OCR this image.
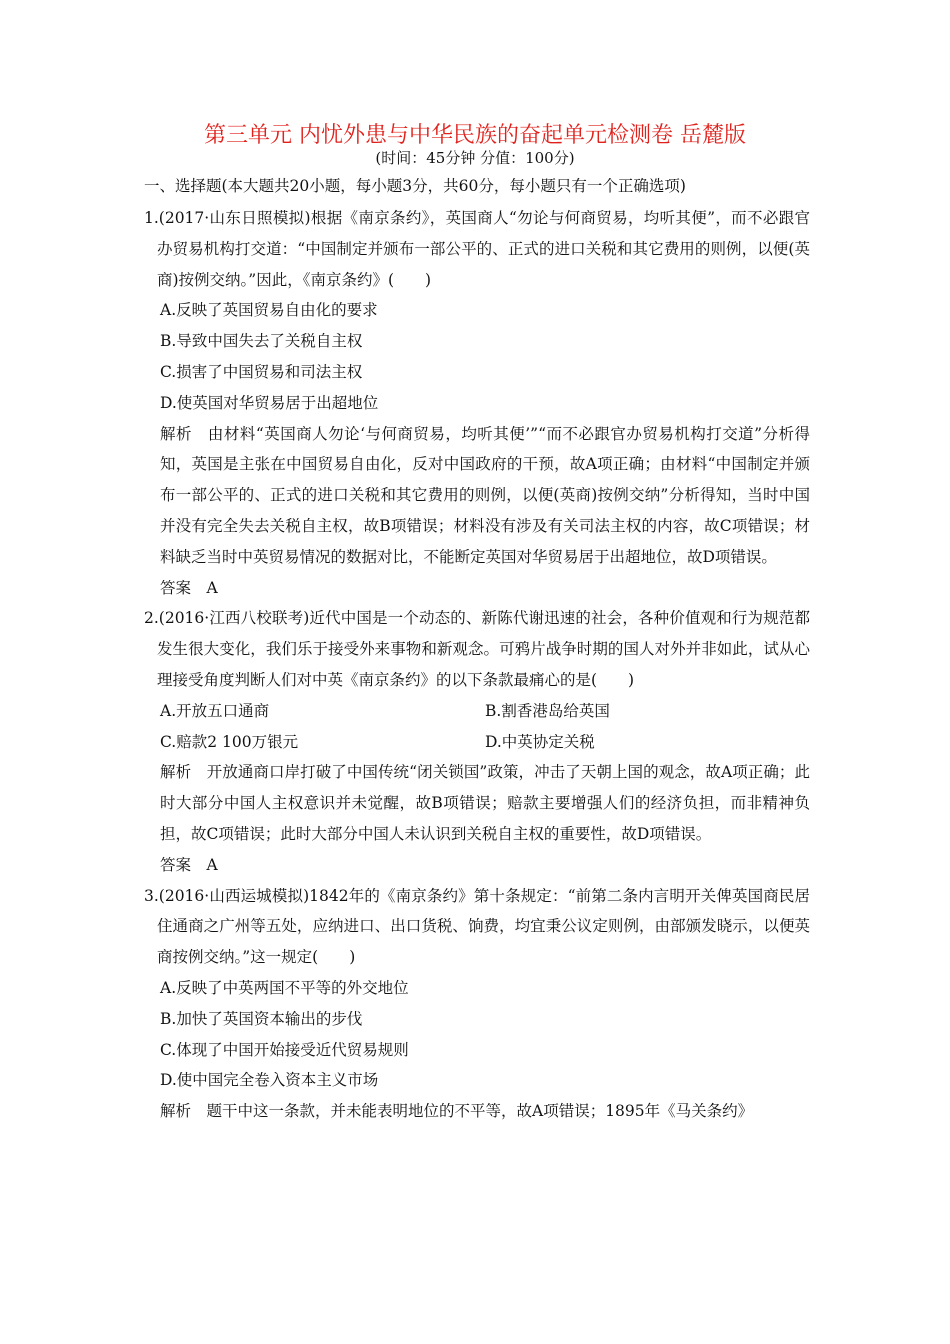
第三单元 内忧外患与中华民族的奋起单元检测卷 岳麓版
(时间：45分钟 分值：100分)
一、选择题(本大题共20小题，每小题3分，共60分，每小题只有一个正确选项)

1.(2017·山东日照模拟)根据《南京条约》，英国商人“勿论与何商贸易，均听其便”，而不必跟官办贸易机构打交道：“中国制定并颁布一部公平的、正式的进口关税和其它费用的则例，以便(英商)按例交纳。”因此，《南京条约》(　　)

A.反映了英国贸易自由化的要求

B.导致中国失去了关税自主权

C.损害了中国贸易和司法主权

D.使英国对华贸易居于出超地位

解析　由材料“英国商人勿论‘与何商贸易，均听其便’”“而不必跟官办贸易机构打交道”分析得知，英国是主张在中国贸易自由化，反对中国政府的干预，故A项正确；由材料“中国制定并颁布一部公平的、正式的进口关税和其它费用的则例，以便(英商)按例交纳”分析得知，当时中国并没有完全失去关税自主权，故B项错误；材料没有涉及有关司法主权的内容，故C项错误；材料缺乏当时中英贸易情况的数据对比，不能断定英国对华贸易居于出超地位，故D项错误。

答案　A

2.(2016·江西八校联考)近代中国是一个动态的、新陈代谢迅速的社会，各种价值观和行为规范都发生很大变化，我们乐于接受外来事物和新观念。可鸦片战争时期的国人对外并非如此，试从心理接受角度判断人们对中英《南京条约》的以下条款最痛心的是(　　)

A.开放五口通商	B.割香港岛给英国
C.赔款2 100万银元	D.中英协定关税

解析　开放通商口岸打破了中国传统“闭关锁国”政策，冲击了天朝上国的观念，故A项正确；此时大部分中国人主权意识并未觉醒，故B项错误；赔款主要增强人们的经济负担，而非精神负担，故C项错误；此时大部分中国人未认识到关税自主权的重要性，故D项错误。

答案　A

3.(2016·山西运城模拟)1842年的《南京条约》第十条规定：“前第二条内言明开关俾英国商民居住通商之广州等五处，应纳进口、出口货税、饷费，均宜秉公议定则例，由部颁发晓示，以便英商按例交纳。”这一规定(　　)

A.反映了中英两国不平等的外交地位

B.加快了英国资本输出的步伐

C.体现了中国开始接受近代贸易规则

D.使中国完全卷入资本主义市场

解析　题干中这一条款，并未能表明地位的不平等，故A项错误；1895年《马关条约》
